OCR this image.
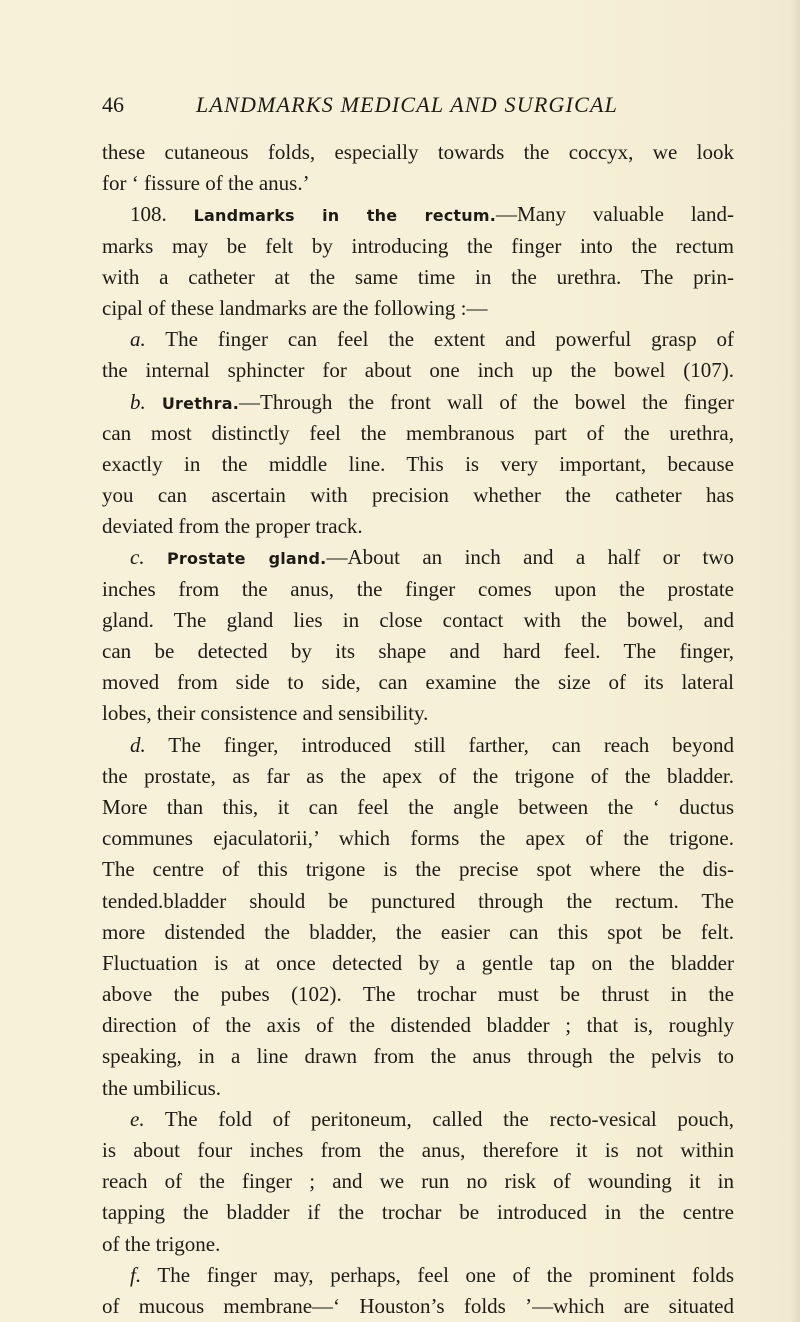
46	LANDMARKS MEDICAL AND SURGICAL
these cutaneous folds, especially towards the coccyx, we look
for ‘ fissure of the anus.’
108. Landmarks in the rectum.—Many valuable land-
marks may be felt by introducing the finger into the rectum
with a catheter at the same time in the urethra. The prin-
cipal of these landmarks are the following :—
a. The finger can feel the extent and powerful grasp of
the internal sphincter for about one inch up the bowel (107).
b. Urethra.—Through the front wall of the bowel the finger
can most distinctly feel the membranous part of the urethra,
exactly in the middle line. This is very important, because
you can ascertain with precision whether the catheter has
deviated from the proper track.
c. Prostate gland.—About an inch and a half or two
inches from the anus, the finger comes upon the prostate
gland. The gland lies in close contact with the bowel, and
can be detected by its shape and hard feel. The finger,
moved from side to side, can examine the size of its lateral
lobes, their consistence and sensibility.
d. The finger, introduced still farther, can reach beyond
the prostate, as far as the apex of the trigone of the bladder.
More than this, it can feel the angle between the ‘ ductus
communes ejaculatorii,’ which forms the apex of the trigone.
The centre of this trigone is the precise spot where the dis-
tended.bladder should be punctured through the rectum. The
more distended the bladder, the easier can this spot be felt.
Fluctuation is at once detected by a gentle tap on the bladder
above the pubes (102). The trochar must be thrust in the
direction of the axis of the distended bladder ; that is, roughly
speaking, in a line drawn from the anus through the pelvis to
the umbilicus.
e. The fold of peritoneum, called the recto-vesical pouch,
is about four inches from the anus, therefore it is not within
reach of the finger ; and we run no risk of wounding it in
tapping the bladder if the trochar be introduced in the centre
of the trigone.
f. The finger may, perhaps, feel one of the prominent folds
of mucous membrane—‘ Houston’s folds ’—which are situated
